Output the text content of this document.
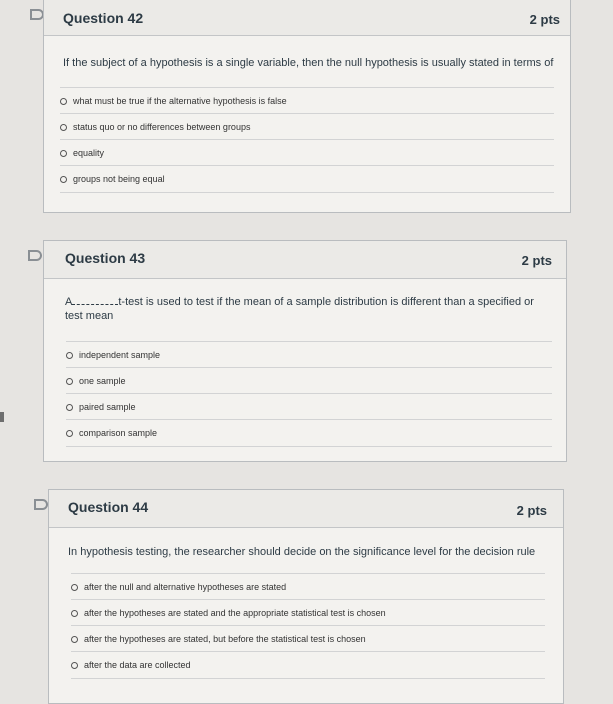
Question 42	2 pts
If the subject of a hypothesis is a single variable, then the null hypothesis is usually stated in terms of
what must be true if the alternative hypothesis is false
status quo or no differences between groups
equality
groups not being equal
Question 43	2 pts
A	t-test is used to test if the mean of a sample distribution is different than a specified or
test mean
independent sample
one sample
paired sample
comparison sample
Question 44	2 pts
In hypothesis testing, the researcher should decide on the significance level for the decision rule
after the null and alternative hypotheses are stated
after the hypotheses are stated and the appropriate statistical test is chosen
after the hypotheses are stated, but before the statistical test is chosen
after the data are collected
